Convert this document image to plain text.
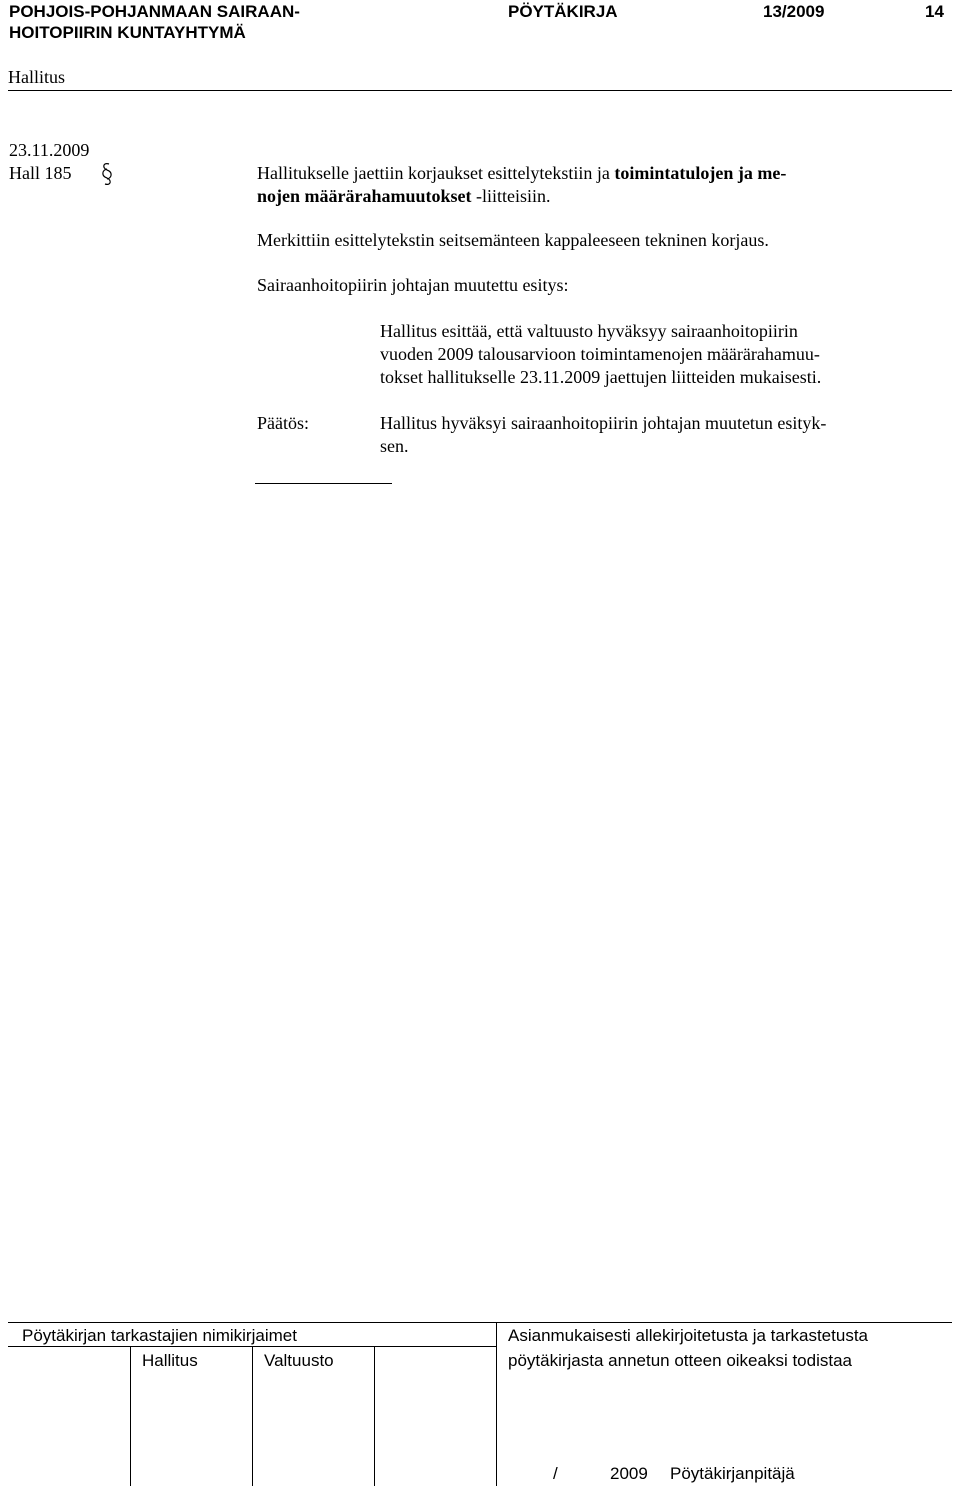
POHJOIS-POHJANMAAN SAIRAAN-
HOITOPIIRIN KUNTAYHTYMÄ
PÖYTÄKIRJA	13/2009	14
Hallitus
23.11.2009
Hall 185	Hallitukselle jaettiin korjaukset esittelytekstiin ja toimintatulojen ja me-
nojen määrärahamuutokset -liitteisiin.
Merkittiin esittelytekstin seitsemänteen kappaleeseen tekninen korjaus.
Sairaanhoitopiirin johtajan muutettu esitys:
Hallitus esittää, että valtuusto hyväksyy sairaanhoitopiirin
vuoden 2009 talousarvioon toimintamenojen määrärahamuu-
tokset hallitukselle 23.11.2009 jaettujen liitteiden mukaisesti.
Päätös:	Hallitus hyväksyi sairaanhoitopiirin johtajan muutetun esityk-
sen.
Pöytäkirjan tarkastajien nimikirjaimet
Hallitus	Valtuusto
Asianmukaisesti allekirjoitetusta ja tarkastetusta
pöytäkirjasta annetun otteen oikeaksi todistaa
/	2009 Pöytäkirjanpitäjä
